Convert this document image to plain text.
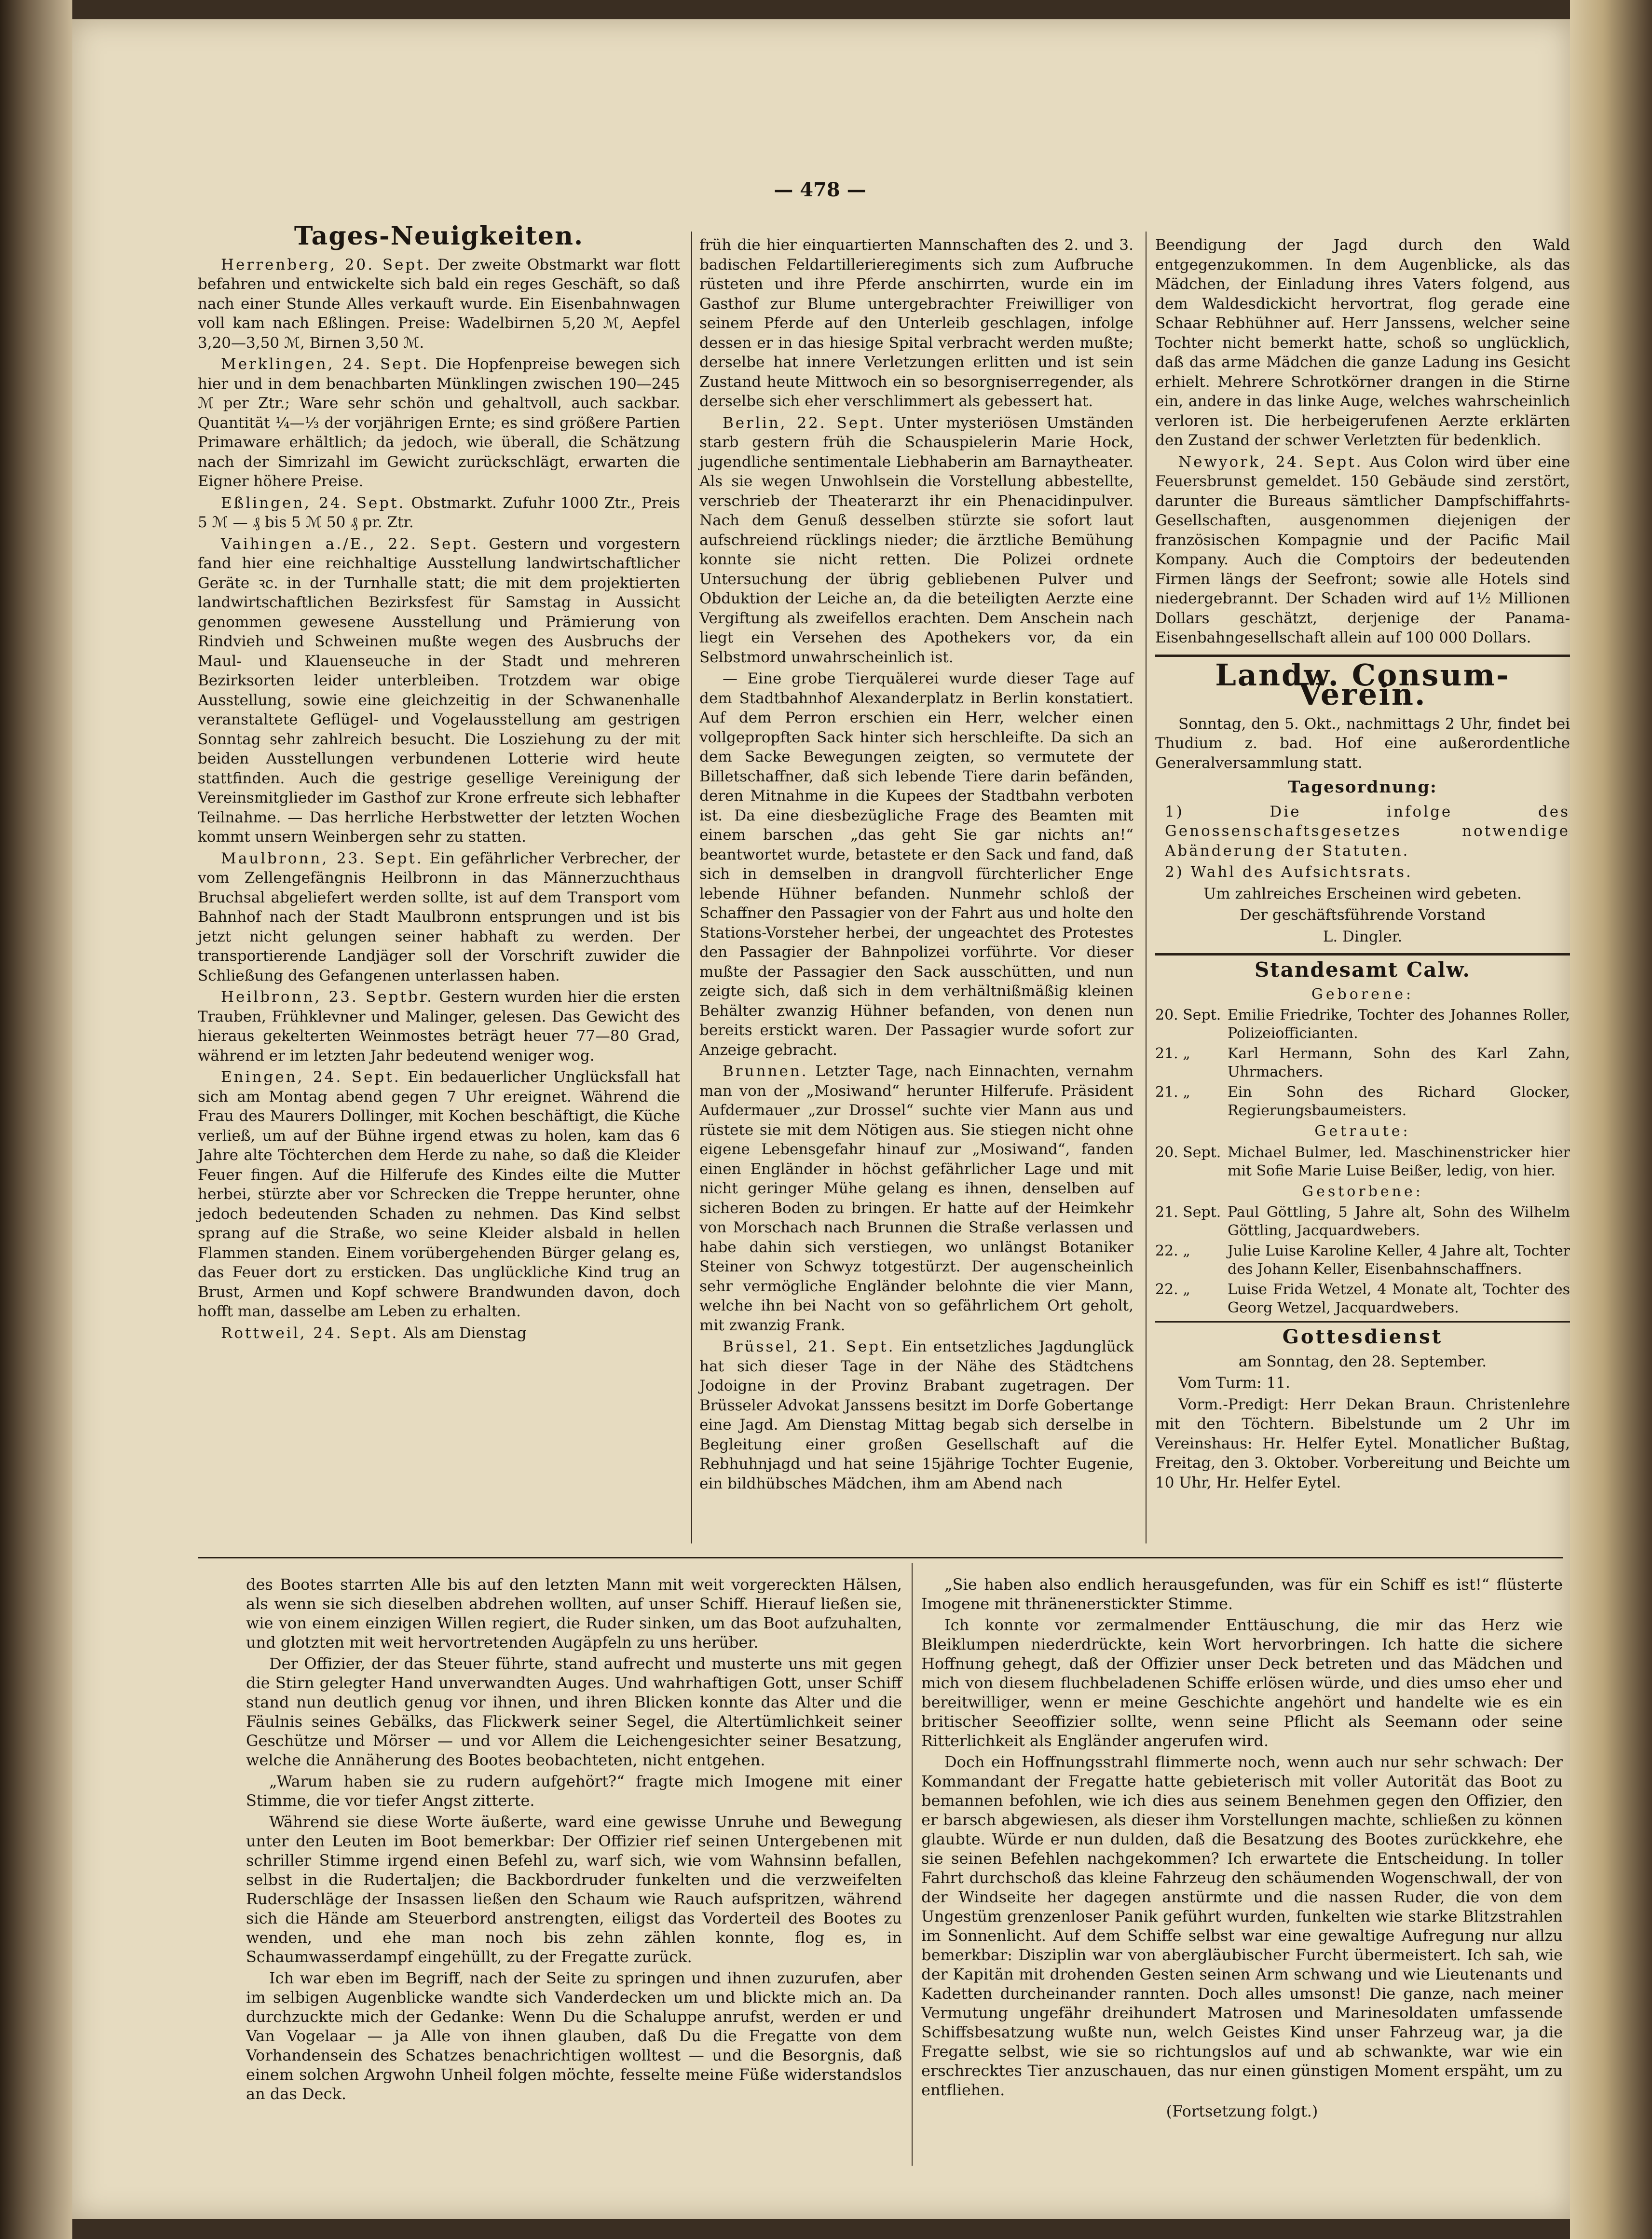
— 478 —
Tages-Neuigkeiten.

Herrenberg, 20. Sept. Der zweite Obstmarkt war flott befahren und entwickelte sich bald ein reges Geschäft, so daß nach einer Stunde Alles verkauft wurde. Ein Eisenbahnwagen voll kam nach Eßlingen. Preise: Wadelbirnen 5,20 ℳ, Aepfel 3,20—3,50 ℳ, Birnen 3,50 ℳ.

Merklingen, 24. Sept. Die Hopfenpreise bewegen sich hier und in dem benachbarten Münklingen zwischen 190—245 ℳ per Ztr.; Ware sehr schön und gehaltvoll, auch sackbar. Quantität ¼—⅓ der vorjährigen Ernte; es sind größere Partien Primaware erhältlich; da jedoch, wie überall, die Schätzung nach der Simrizahl im Gewicht zurückschlägt, erwarten die Eigner höhere Preise.

Eßlingen, 24. Sept. Obstmarkt. Zufuhr 1000 Ztr., Preis 5 ℳ — ₰ bis 5 ℳ 50 ₰ pr. Ztr.

Vaihingen a./E., 22. Sept. Gestern und vorgestern fand hier eine reichhaltige Ausstellung landwirtschaftlicher Geräte ꝛc. in der Turnhalle statt; die mit dem projektierten landwirtschaftlichen Bezirksfest für Samstag in Aussicht genommen gewesene Ausstellung und Prämierung von Rindvieh und Schweinen mußte wegen des Ausbruchs der Maul- und Klauenseuche in der Stadt und mehreren Bezirksorten leider unterbleiben. Trotzdem war obige Ausstellung, sowie eine gleichzeitig in der Schwanenhalle veranstaltete Geflügel- und Vogelausstellung am gestrigen Sonntag sehr zahlreich besucht. Die Losziehung zu der mit beiden Ausstellungen verbundenen Lotterie wird heute stattfinden. Auch die gestrige gesellige Vereinigung der Vereinsmitglieder im Gasthof zur Krone erfreute sich lebhafter Teilnahme. — Das herrliche Herbstwetter der letzten Wochen kommt unsern Weinbergen sehr zu statten.

Maulbronn, 23. Sept. Ein gefährlicher Verbrecher, der vom Zellengefängnis Heilbronn in das Männerzuchthaus Bruchsal abgeliefert werden sollte, ist auf dem Transport vom Bahnhof nach der Stadt Maulbronn entsprungen und ist bis jetzt nicht gelungen seiner habhaft zu werden. Der transportierende Landjäger soll der Vorschrift zuwider die Schließung des Gefangenen unterlassen haben.

Heilbronn, 23. Septbr. Gestern wurden hier die ersten Trauben, Frühklevner und Malinger, gelesen. Das Gewicht des hieraus gekelterten Weinmostes beträgt heuer 77—80 Grad, während er im letzten Jahr bedeutend weniger wog.

Eningen, 24. Sept. Ein bedauerlicher Unglücksfall hat sich am Montag abend gegen 7 Uhr ereignet. Während die Frau des Maurers Dollinger, mit Kochen beschäftigt, die Küche verließ, um auf der Bühne irgend etwas zu holen, kam das 6 Jahre alte Töchterchen dem Herde zu nahe, so daß die Kleider Feuer fingen. Auf die Hilferufe des Kindes eilte die Mutter herbei, stürzte aber vor Schrecken die Treppe herunter, ohne jedoch bedeutenden Schaden zu nehmen. Das Kind selbst sprang auf die Straße, wo seine Kleider alsbald in hellen Flammen standen. Einem vorübergehenden Bürger gelang es, das Feuer dort zu ersticken. Das unglückliche Kind trug an Brust, Armen und Kopf schwere Brandwunden davon, doch hofft man, dasselbe am Leben zu erhalten.

Rottweil, 24. Sept. Als am Dienstag

früh die hier einquartierten Mannschaften des 2. und 3. badischen Feldartillerieregiments sich zum Aufbruche rüsteten und ihre Pferde anschirrten, wurde ein im Gasthof zur Blume untergebrachter Freiwilliger von seinem Pferde auf den Unterleib geschlagen, infolge dessen er in das hiesige Spital verbracht werden mußte; derselbe hat innere Verletzungen erlitten und ist sein Zustand heute Mittwoch ein so besorgniserregender, als derselbe sich eher verschlimmert als gebessert hat.

Berlin, 22. Sept. Unter mysteriösen Umständen starb gestern früh die Schauspielerin Marie Hock, jugendliche sentimentale Liebhaberin am Barnaytheater. Als sie wegen Unwohlsein die Vorstellung abbestellte, verschrieb der Theaterarzt ihr ein Phenacidinpulver. Nach dem Genuß desselben stürzte sie sofort laut aufschreiend rücklings nieder; die ärztliche Bemühung konnte sie nicht retten. Die Polizei ordnete Untersuchung der übrig gebliebenen Pulver und Obduktion der Leiche an, da die beteiligten Aerzte eine Vergiftung als zweifellos erachten. Dem Anschein nach liegt ein Versehen des Apothekers vor, da ein Selbstmord unwahrscheinlich ist.

— Eine grobe Tierquälerei wurde dieser Tage auf dem Stadtbahnhof Alexanderplatz in Berlin konstatiert. Auf dem Perron erschien ein Herr, welcher einen vollgepropften Sack hinter sich herschleifte. Da sich an dem Sacke Bewegungen zeigten, so vermutete der Billetschaffner, daß sich lebende Tiere darin befänden, deren Mitnahme in die Kupees der Stadtbahn verboten ist. Da eine diesbezügliche Frage des Beamten mit einem barschen „das geht Sie gar nichts an!“ beantwortet wurde, betastete er den Sack und fand, daß sich in demselben in drangvoll fürchterlicher Enge lebende Hühner befanden. Nunmehr schloß der Schaffner den Passagier von der Fahrt aus und holte den Stations-Vorsteher herbei, der ungeachtet des Protestes den Passagier der Bahnpolizei vorführte. Vor dieser mußte der Passagier den Sack ausschütten, und nun zeigte sich, daß sich in dem verhältnißmäßig kleinen Behälter zwanzig Hühner befanden, von denen nun bereits erstickt waren. Der Passagier wurde sofort zur Anzeige gebracht.

Brunnen. Letzter Tage, nach Einnachten, vernahm man von der „Mosiwand“ herunter Hilferufe. Präsident Aufdermauer „zur Drossel“ suchte vier Mann aus und rüstete sie mit dem Nötigen aus. Sie stiegen nicht ohne eigene Lebensgefahr hinauf zur „Mosiwand“, fanden einen Engländer in höchst gefährlicher Lage und mit nicht geringer Mühe gelang es ihnen, denselben auf sicheren Boden zu bringen. Er hatte auf der Heimkehr von Morschach nach Brunnen die Straße verlassen und habe dahin sich verstiegen, wo unlängst Botaniker Steiner von Schwyz totgestürzt. Der augenscheinlich sehr vermögliche Engländer belohnte die vier Mann, welche ihn bei Nacht von so gefährlichem Ort geholt, mit zwanzig Frank.

Brüssel, 21. Sept. Ein entsetzliches Jagdunglück hat sich dieser Tage in der Nähe des Städtchens Jodoigne in der Provinz Brabant zugetragen. Der Brüsseler Advokat Janssens besitzt im Dorfe Gobertange eine Jagd. Am Dienstag Mittag begab sich derselbe in Begleitung einer großen Gesellschaft auf die Rebhuhnjagd und hat seine 15jährige Tochter Eugenie, ein bildhübsches Mädchen, ihm am Abend nach

Beendigung der Jagd durch den Wald entgegenzukommen. In dem Augenblicke, als das Mädchen, der Einladung ihres Vaters folgend, aus dem Waldesdickicht hervortrat, flog gerade eine Schaar Rebhühner auf. Herr Janssens, welcher seine Tochter nicht bemerkt hatte, schoß so unglücklich, daß das arme Mädchen die ganze Ladung ins Gesicht erhielt. Mehrere Schrotkörner drangen in die Stirne ein, andere in das linke Auge, welches wahrscheinlich verloren ist. Die herbeigerufenen Aerzte erklärten den Zustand der schwer Verletzten für bedenklich.

Newyork, 24. Sept. Aus Colon wird über eine Feuersbrunst gemeldet. 150 Gebäude sind zerstört, darunter die Bureaus sämtlicher Dampfschiffahrts-Gesellschaften, ausgenommen diejenigen der französischen Kompagnie und der Pacific Mail Kompany. Auch die Comptoirs der bedeutenden Firmen längs der Seefront; sowie alle Hotels sind niedergebrannt. Der Schaden wird auf 1½ Millionen Dollars geschätzt, derjenige der Panama-Eisenbahngesellschaft allein auf 100 000 Dollars.

Landw. Consum-Verein.

Sonntag, den 5. Okt., nachmittags 2 Uhr, findet bei Thudium z. bad. Hof eine außerordentliche Generalversammlung statt.

Tagesordnung:

1) Die infolge des Genossenschaftsgesetzes notwendige Abänderung der Statuten.

2) Wahl des Aufsichtsrats.

Um zahlreiches Erscheinen wird gebeten.

Der geschäftsführende Vorstand

L. Dingler.

Standesamt Calw.
Geborene:
20. Sept. Emilie Friedrike, Tochter des Johannes Roller, Polizeiofficianten.
21. „	Karl Hermann, Sohn des Karl Zahn, Uhrmachers.
21. „	Ein Sohn des Richard Glocker, Regierungsbaumeisters.
Getraute:
20. Sept. Michael Bulmer, led. Maschinenstricker hier mit Sofie Marie Luise Beißer, ledig, von hier.
Gestorbene:
21. Sept. Paul Göttling, 5 Jahre alt, Sohn des Wilhelm Göttling, Jacquardwebers.
22. „	Julie Luise Karoline Keller, 4 Jahre alt, Tochter des Johann Keller, Eisenbahnschaffners.
22. „	Luise Frida Wetzel, 4 Monate alt, Tochter des Georg Wetzel, Jacquardwebers.
Gottesdienst

am Sonntag, den 28. September.

Vom Turm: 11.

Vorm.-Predigt: Herr Dekan Braun. Christenlehre mit den Töchtern. Bibelstunde um 2 Uhr im Vereinshaus: Hr. Helfer Eytel. Monatlicher Bußtag, Freitag, den 3. Oktober. Vorbereitung und Beichte um 10 Uhr, Hr. Helfer Eytel.

des Bootes starrten Alle bis auf den letzten Mann mit weit vorgereckten Hälsen, als wenn sie sich dieselben abdrehen wollten, auf unser Schiff. Hierauf ließen sie, wie von einem einzigen Willen regiert, die Ruder sinken, um das Boot aufzuhalten, und glotzten mit weit hervortretenden Augäpfeln zu uns herüber.

Der Offizier, der das Steuer führte, stand aufrecht und musterte uns mit gegen die Stirn gelegter Hand unverwandten Auges. Und wahrhaftigen Gott, unser Schiff stand nun deutlich genug vor ihnen, und ihren Blicken konnte das Alter und die Fäulnis seines Gebälks, das Flickwerk seiner Segel, die Altertümlichkeit seiner Geschütze und Mörser — und vor Allem die Leichengesichter seiner Besatzung, welche die Annäherung des Bootes beobachteten, nicht entgehen.

„Warum haben sie zu rudern aufgehört?“ fragte mich Imogene mit einer Stimme, die vor tiefer Angst zitterte.

Während sie diese Worte äußerte, ward eine gewisse Unruhe und Bewegung unter den Leuten im Boot bemerkbar: Der Offizier rief seinen Untergebenen mit schriller Stimme irgend einen Befehl zu, warf sich, wie vom Wahnsinn befallen, selbst in die Rudertaljen; die Backbordruder funkelten und die verzweifelten Ruderschläge der Insassen ließen den Schaum wie Rauch aufspritzen, während sich die Hände am Steuerbord anstrengten, eiligst das Vorderteil des Bootes zu wenden, und ehe man noch bis zehn zählen konnte, flog es, in Schaumwasserdampf eingehüllt, zu der Fregatte zurück.

Ich war eben im Begriff, nach der Seite zu springen und ihnen zuzurufen, aber im selbigen Augenblicke wandte sich Vanderdecken um und blickte mich an. Da durchzuckte mich der Gedanke: Wenn Du die Schaluppe anrufst, werden er und Van Vogelaar — ja Alle von ihnen glauben, daß Du die Fregatte von dem Vorhandensein des Schatzes benachrichtigen wolltest — und die Besorgnis, daß einem solchen Argwohn Unheil folgen möchte, fesselte meine Füße widerstandslos an das Deck.

„Sie haben also endlich herausgefunden, was für ein Schiff es ist!“ flüsterte Imogene mit thränenerstickter Stimme.

Ich konnte vor zermalmender Enttäuschung, die mir das Herz wie Bleiklumpen niederdrückte, kein Wort hervorbringen. Ich hatte die sichere Hoffnung gehegt, daß der Offizier unser Deck betreten und das Mädchen und mich von diesem fluchbeladenen Schiffe erlösen würde, und dies umso eher und bereitwilliger, wenn er meine Geschichte angehört und handelte wie es ein britischer Seeoffizier sollte, wenn seine Pflicht als Seemann oder seine Ritterlichkeit als Engländer angerufen wird.

Doch ein Hoffnungsstrahl flimmerte noch, wenn auch nur sehr schwach: Der Kommandant der Fregatte hatte gebieterisch mit voller Autorität das Boot zu bemannen befohlen, wie ich dies aus seinem Benehmen gegen den Offizier, den er barsch abgewiesen, als dieser ihm Vorstellungen machte, schließen zu können glaubte. Würde er nun dulden, daß die Besatzung des Bootes zurückkehre, ehe sie seinen Befehlen nachgekommen? Ich erwartete die Entscheidung. In toller Fahrt durchschoß das kleine Fahrzeug den schäumenden Wogenschwall, der von der Windseite her dagegen anstürmte und die nassen Ruder, die von dem Ungestüm grenzenloser Panik geführt wurden, funkelten wie starke Blitzstrahlen im Sonnenlicht. Auf dem Schiffe selbst war eine gewaltige Aufregung nur allzu bemerkbar: Disziplin war von abergläubischer Furcht übermeistert. Ich sah, wie der Kapitän mit drohenden Gesten seinen Arm schwang und wie Lieutenants und Kadetten durcheinander rannten. Doch alles umsonst! Die ganze, nach meiner Vermutung ungefähr dreihundert Matrosen und Marinesoldaten umfassende Schiffsbesatzung wußte nun, welch Geistes Kind unser Fahrzeug war, ja die Fregatte selbst, wie sie so richtungslos auf und ab schwankte, war wie ein erschrecktes Tier anzuschauen, das nur einen günstigen Moment erspäht, um zu entfliehen.

(Fortsetzung folgt.)
